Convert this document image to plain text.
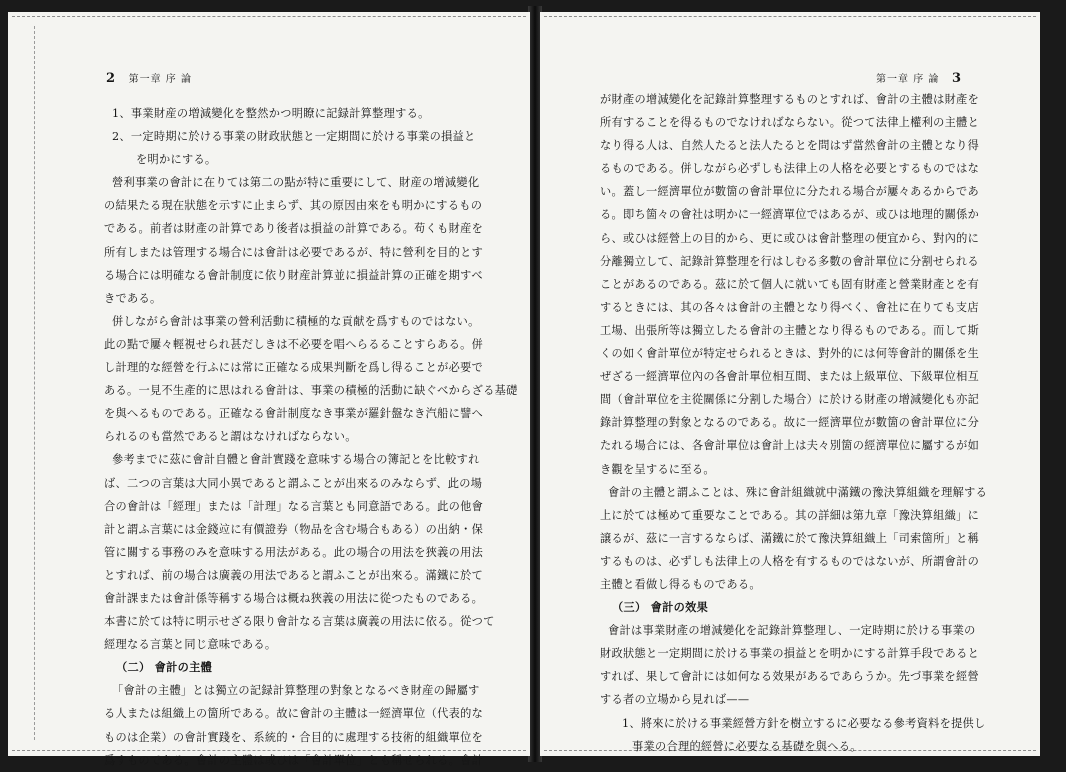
2 第一章 序 論
1、事業財産の増減變化を整然かつ明瞭に記録計算整理する。
2、一定時期に於ける事業の財政狀態と一定期間に於ける事業の損益と
を明かにする。
營利事業の會計に在りては第二の點が特に重要にして、財産の增減變化
の結果たる現在狀態を示すに止まらず、其の原因由來をも明かにするもの
である。前者は財產の計算であり後者は損益の計算である。苟くも財産を
所有しまたは管理する場合には會計は必要であるが、特に營利を目的とす
る場合には明確なる會計制度に依り財産計算並に損益計算の正確を期すべ
きである。
併しながら會計は事業の營利活動に積極的な貢献を爲すものではない。
此の點で屢々輕視せられ甚だしきは不必要を唱へらるることすらある。併
し計理的な經營を行ふには常に正確なる成果判斷を爲し得ることが必要で
ある。一見不生產的に思はれる會計は、事業の積極的活動に缺ぐべからざる基礎
を與へるものである。正確なる會計制度なき事業が羅針盤なき汽船に譬へ
られるのも當然であると謂はなければならない。
參考までに茲に會計自體と會計實踐を意味する場合の簿記とを比較すれ
ば、二つの言葉は大同小異であると謂ふことが出來るのみならず、此の場
合の會計は「經理」または「計理」なる言葉とも同意語である。此の他會
計と謂ふ言葉には金錢竝に有價證券（物品を含む場合もある）の出納・保
管に關する事務のみを意味する用法がある。此の場合の用法を狹義の用法
とすれば、前の場合は廣義の用法であると謂ふことが出來る。滿鐵に於て
會計課または會計係等稱する場合は概ね狹義の用法に從つたものである。
本書に於ては特に明示せざる限り會計なる言葉は廣義の用法に依る。從つて
經理なる言葉と同じ意味である。
（二） 會計の主體
「會計の主體」とは獨立の記録計算整理の對象となるべき財産の歸屬す
る人または組織上の箇所である。故に會計の主體は一經濟單位（代表的な
ものは企業）の會計實踐を、系統的・合目的に處理する技術的組織單位を
爲すものである。會計の主體は或ひは「會計單位」とも稱せられる。會計
第一章 序 論 3
が財產の增減變化を記錄計算整理するものとすれば、會計の主體は財產を
所有することを得るものでなければならない。從つて法律上權利の主體と
なり得る人は、自然人たると法人たるとを問はず當然會計の主體となり得
るものである。併しながら必ずしも法律上の人格を必要とするものではな
い。蓋し一經濟單位が數箇の會計單位に分たれる場合が屢々あるからであ
る。即ち箇々の會社は明かに一經濟單位ではあるが、或ひは地理的關係か
ら、或ひは經營上の目的から、更に或ひは會計整理の便宜から、對內的に
分離獨立して、記錄計算整理を行はしむる多數の會計單位に分割せられる
ことがあるのである。茲に於て個人に就いても固有財產と營業財產とを有
するときには、其の各々は會計の主體となり得べく、會社に在りても支店
工場、出張所等は獨立したる會計の主體となり得るものである。而して斯
くの如く會計單位が特定せられるときは、對外的には何等會計的關係を生
ぜざる一經濟單位內の各會計單位相互間、または上級單位、下級單位相互
間（會計單位を主從關係に分割した場合）に於ける財產の增減變化も亦記
錄計算整理の對象となるのである。故に一經濟單位が數箇の會計單位に分
たれる場合には、各會計單位は會計上は夫々別箇の經濟單位に屬するが如
き觀を呈するに至る。
會計の主體と謂ふことは、殊に會計組織就中滿鐵の豫決算組織を理解する
上に於ては極めて重要なことである。其の詳細は第九章「豫決算組織」に
譲るが、茲に一言するならば、滿鐵に於て豫決算組織上「司索箇所」と稱
するものは、必ずしも法律上の人格を有するものではないが、所謂會計の
主體と看做し得るものである。
（三） 會計の效果
會計は事業財產の增減變化を記錄計算整理し、一定時期に於ける事業の
財政狀態と一定期間に於ける事業の損益とを明かにする計算手段であると
すれば、果して會計には如何なる效果があるであらうか。先づ事業を經營
する者の立場から見れば——
1、將來に於ける事業經營方針を樹立するに必要なる參考資料を提供し
事業の合理的經營に必要なる基礎を與へる。
